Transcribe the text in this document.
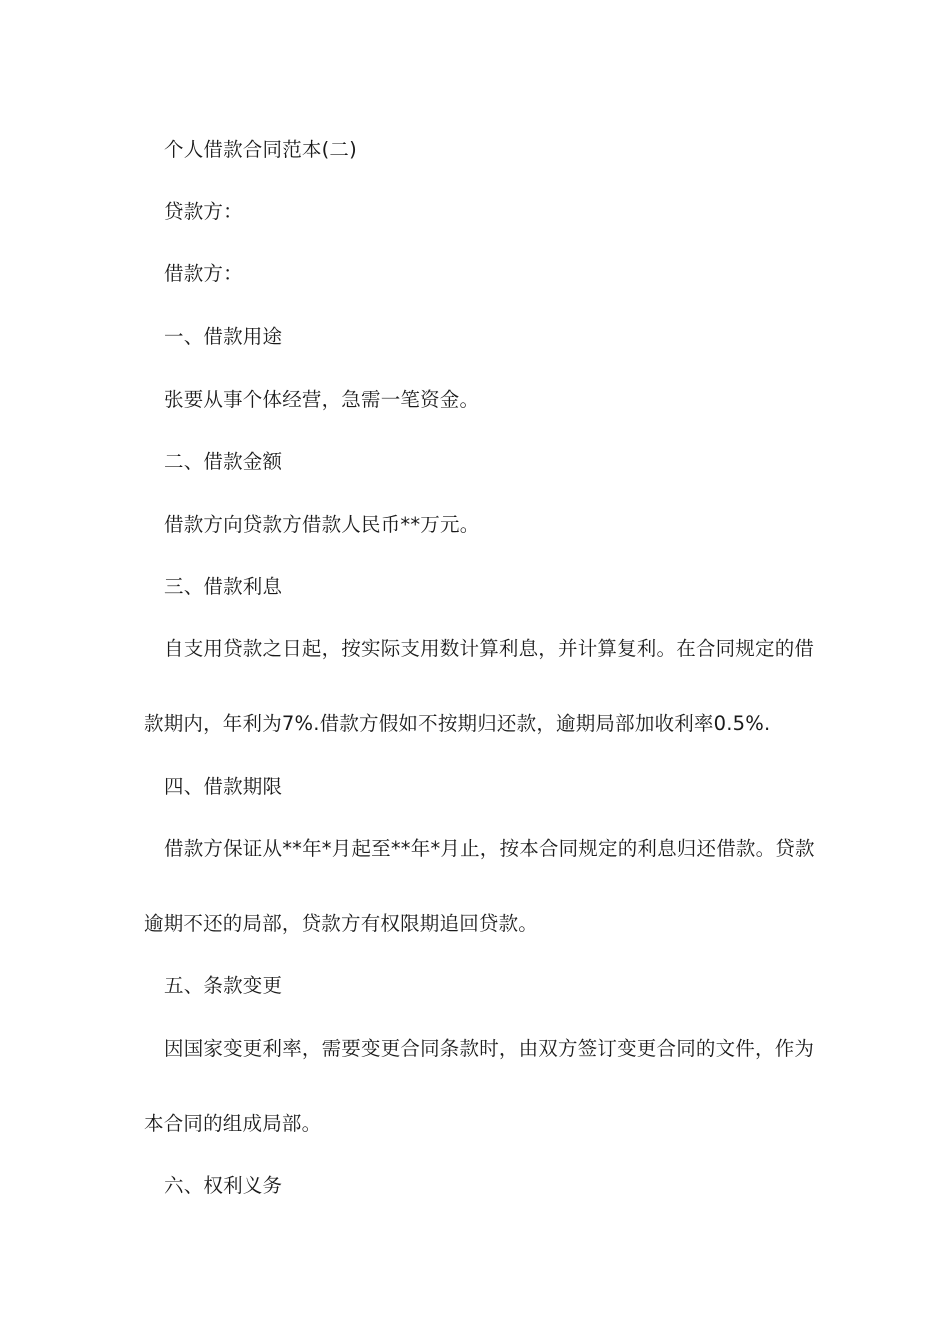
个人借款合同范本(二)
贷款方：
借款方：
一、借款用途
张要从事个体经营，急需一笔资金。
二、借款金额
借款方向贷款方借款人民币**万元。
三、借款利息
自支用贷款之日起，按实际支用数计算利息，并计算复利。在合同规定的借
款期内，年利为7%.借款方假如不按期归还款，逾期局部加收利率0.5%.
四、借款期限
借款方保证从**年*月起至**年*月止，按本合同规定的利息归还借款。贷款
逾期不还的局部，贷款方有权限期追回贷款。
五、条款变更
因国家变更利率，需要变更合同条款时，由双方签订变更合同的文件，作为
本合同的组成局部。
六、权利义务
